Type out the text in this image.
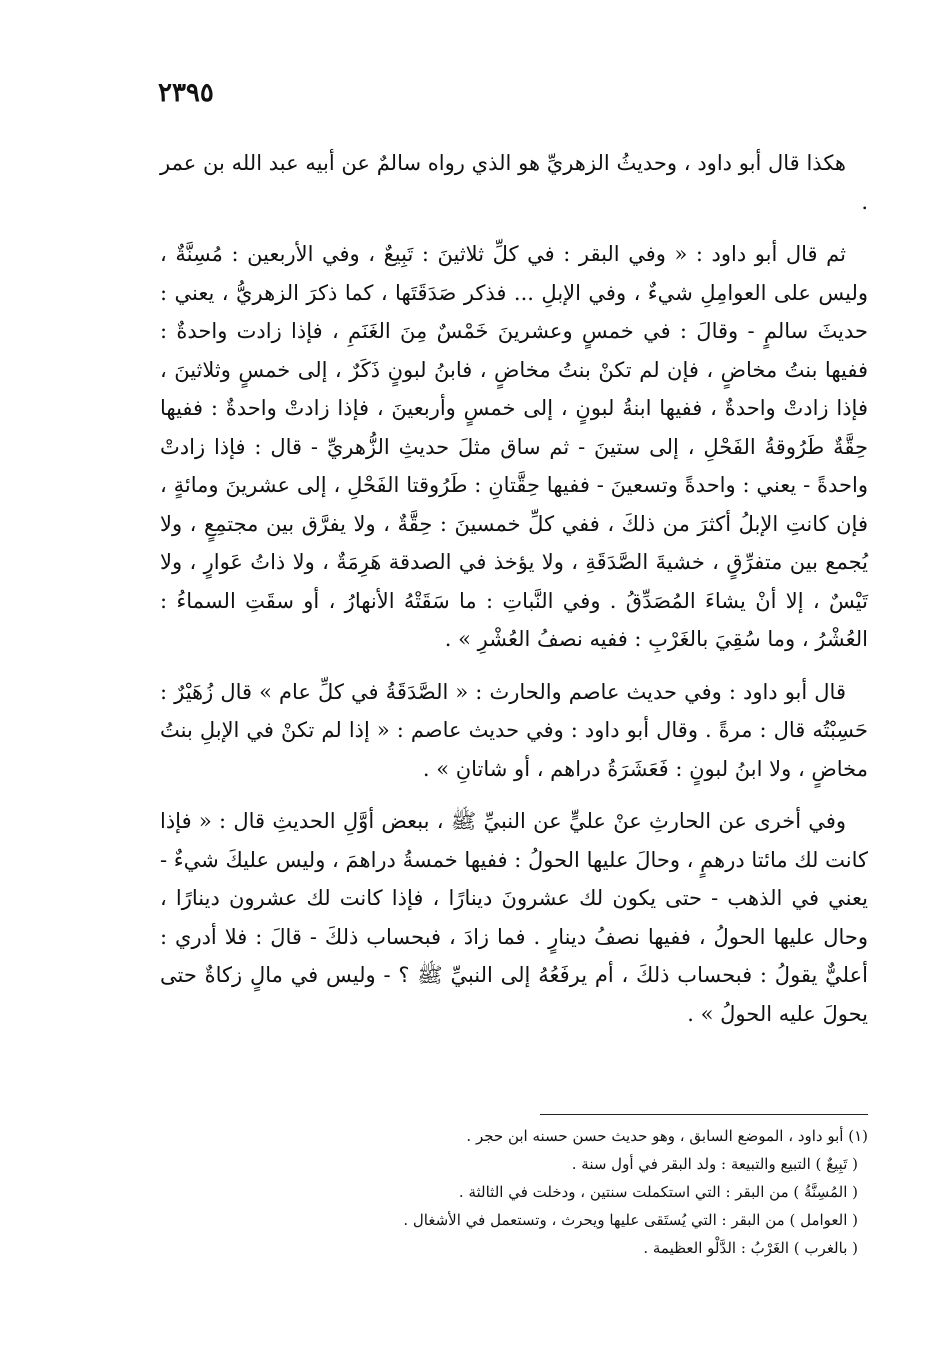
٢٣٩٥

هكذا قال أبو داود ، وحديثُ الزهريِّ هو الذي رواه سالمٌ عن أبيه عبد الله بن عمر .

ثم قال أبو داود : « وفي البقر : في كلِّ ثلاثينَ : تَبِيعٌ ، وفي الأربعين : مُسِنَّةٌ ، وليس على العوامِلِ شيءٌ ، وفي الإبلِ ... فذكر صَدَقَتَها ، كما ذكرَ الزهريُّ ، يعني : حديثَ سالمٍ - وقالَ : في خمسٍ وعشرينَ خَمْسٌ مِنَ الغَنَمِ ، فإذا زادت واحدةٌ : ففيها بنتُ مخاضٍ ، فإن لم تكنْ بنتُ مخاضٍ ، فابنُ لبونٍ ذَكَرٌ ، إلى خمسٍ وثلاثينَ ، فإذا زادتْ واحدةٌ ، ففيها ابنةُ لبونٍ ، إلى خمسٍ وأربعينَ ، فإذا زادتْ واحدةٌ : ففيها حِقَّةٌ طَرُوقةُ الفَحْلِ ، إلى ستينَ - ثم ساق مثلَ حديثِ الزُّهريِّ - قال : فإذا زادتْ واحدةً - يعني : واحدةً وتسعينَ - ففيها حِقَّتانِ : طَرُوقتا الفَحْلِ ، إلى عشرينَ ومائةٍ ، فإن كانتِ الإبلُ أكثرَ من ذلكَ ، ففي كلِّ خمسينَ : حِقَّةٌ ، ولا يفرَّق بين مجتمِعٍ ، ولا يُجمع بين متفرِّقٍ ، خشيةَ الصَّدَقَةِ ، ولا يؤخذ في الصدقة هَرِمَةٌ ، ولا ذاتُ عَوارٍ ، ولا تَيْسٌ ، إلا أنْ يشاءَ المُصَدِّقُ . وفي النَّباتِ : ما سَقَتْهُ الأنهارُ ، أو سقَتِ السماءُ : العُشْرُ ، وما سُقِيَ بالغَرْبِ : ففيه نصفُ العُشْرِ » .

قال أبو داود : وفي حديث عاصم والحارث : « الصَّدَقَةُ في كلِّ عام » قال زُهَيْرٌ : حَسِبْتُه قال : مرةً . وقال أبو داود : وفي حديث عاصم : « إذا لم تكنْ في الإبلِ بنتُ مخاضٍ ، ولا ابنُ لبونٍ : فَعَشَرَةُ دراهم ، أو شاتانِ » .

وفي أخرى عن الحارثِ عنْ عليٍّ عن النبيِّ ﷺ ، ببعض أوَّلِ الحديثِ قال : « فإذا كانت لك مائتا درهمٍ ، وحالَ عليها الحولُ : ففيها خمسةُ دراهمَ ، وليس عليكَ شيءٌ - يعني في الذهب - حتى يكون لك عشرونَ دينارًا ، فإذا كانت لك عشرون دينارًا ، وحال عليها الحولُ ، ففيها نصفُ دينارٍ . فما زادَ ، فبحساب ذلكَ - قالَ : فلا أدري : أعليٌّ يقولُ : فبحساب ذلكَ ، أم يرفَعُهُ إلى النبيِّ ﷺ ؟ - وليس في مالٍ زكاةٌ حتى يحولَ عليه الحولُ » .

(١) أبو داود ، الموضع السابق ، وهو حديث حسن حسنه ابن حجر .

( تَبِيعٌ ) التبيع والتبيعة : ولد البقر في أول سنة .

( المُسِنَّةُ ) من البقر : التي استكملت سنتين ، ودخلت في الثالثة .

( العوامل ) من البقر : التي يُستَقى عليها ويحرث ، وتستعمل في الأشغال .

( بالغرب ) الغَرْبُ : الدَّلْو العظيمة .
